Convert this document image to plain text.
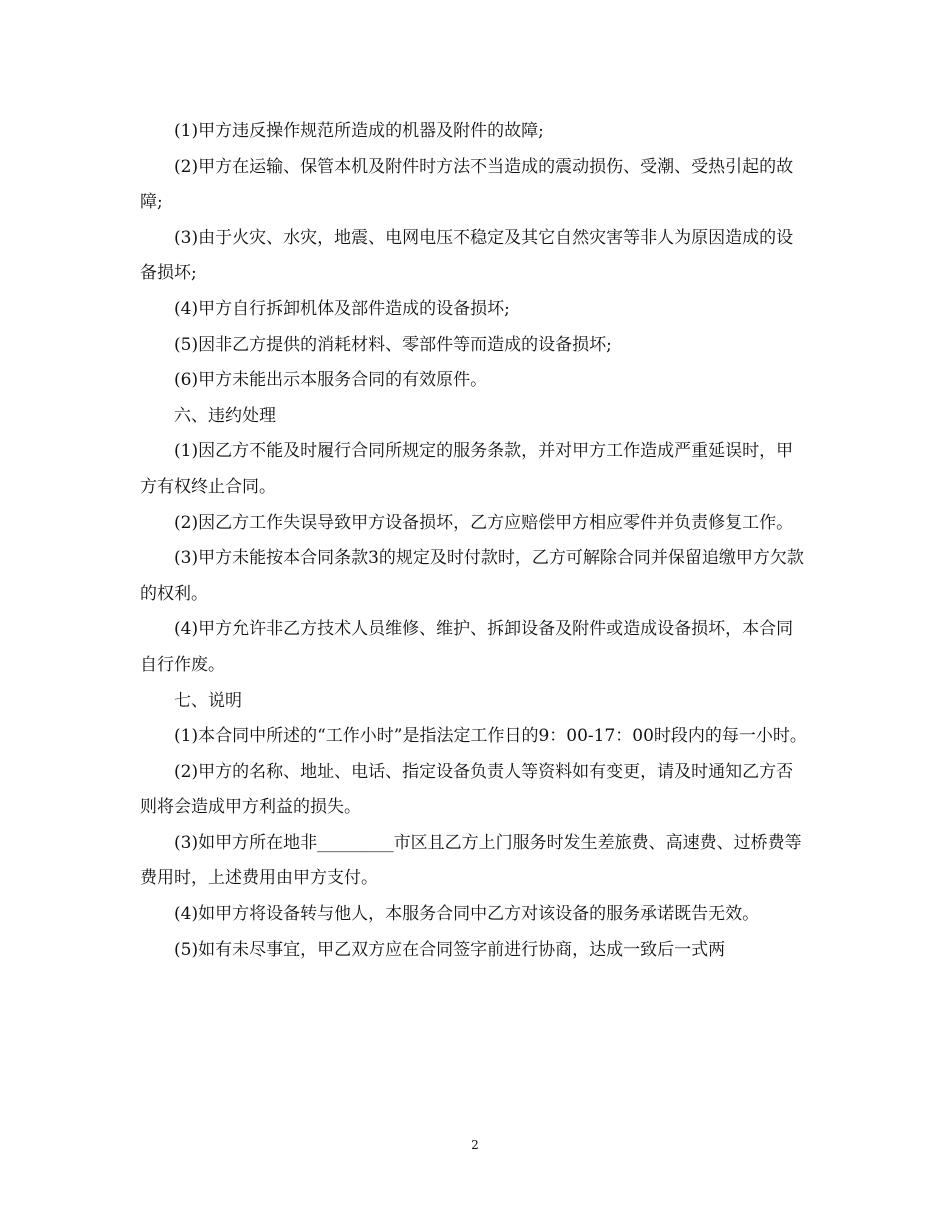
(1)甲方违反操作规范所造成的机器及附件的故障;

(2)甲方在运输、保管本机及附件时方法不当造成的震动损伤、受潮、受热引起的故障;

(3)由于火灾、水灾，地震、电网电压不稳定及其它自然灾害等非人为原因造成的设备损坏;

(4)甲方自行拆卸机体及部件造成的设备损坏;

(5)因非乙方提供的消耗材料、零部件等而造成的设备损坏;

(6)甲方未能出示本服务合同的有效原件。

六、违约处理

(1)因乙方不能及时履行合同所规定的服务条款，并对甲方工作造成严重延误时，甲方有权终止合同。

(2)因乙方工作失误导致甲方设备损坏，乙方应赔偿甲方相应零件并负责修复工作。

(3)甲方未能按本合同条款3的规定及时付款时，乙方可解除合同并保留追缴甲方欠款的权利。

(4)甲方允许非乙方技术人员维修、维护、拆卸设备及附件或造成设备损坏，本合同自行作废。

七、说明

(1)本合同中所述的“工作小时”是指法定工作日的9：00-17：00时段内的每一小时。

(2)甲方的名称、地址、电话、指定设备负责人等资料如有变更，请及时通知乙方否则将会造成甲方利益的损失。

(3)如甲方所在地非_________市区且乙方上门服务时发生差旅费、高速费、过桥费等费用时，上述费用由甲方支付。

(4)如甲方将设备转与他人，本服务合同中乙方对该设备的服务承诺既告无效。

(5)如有未尽事宜，甲乙双方应在合同签字前进行协商，达成一致后一式两

2
